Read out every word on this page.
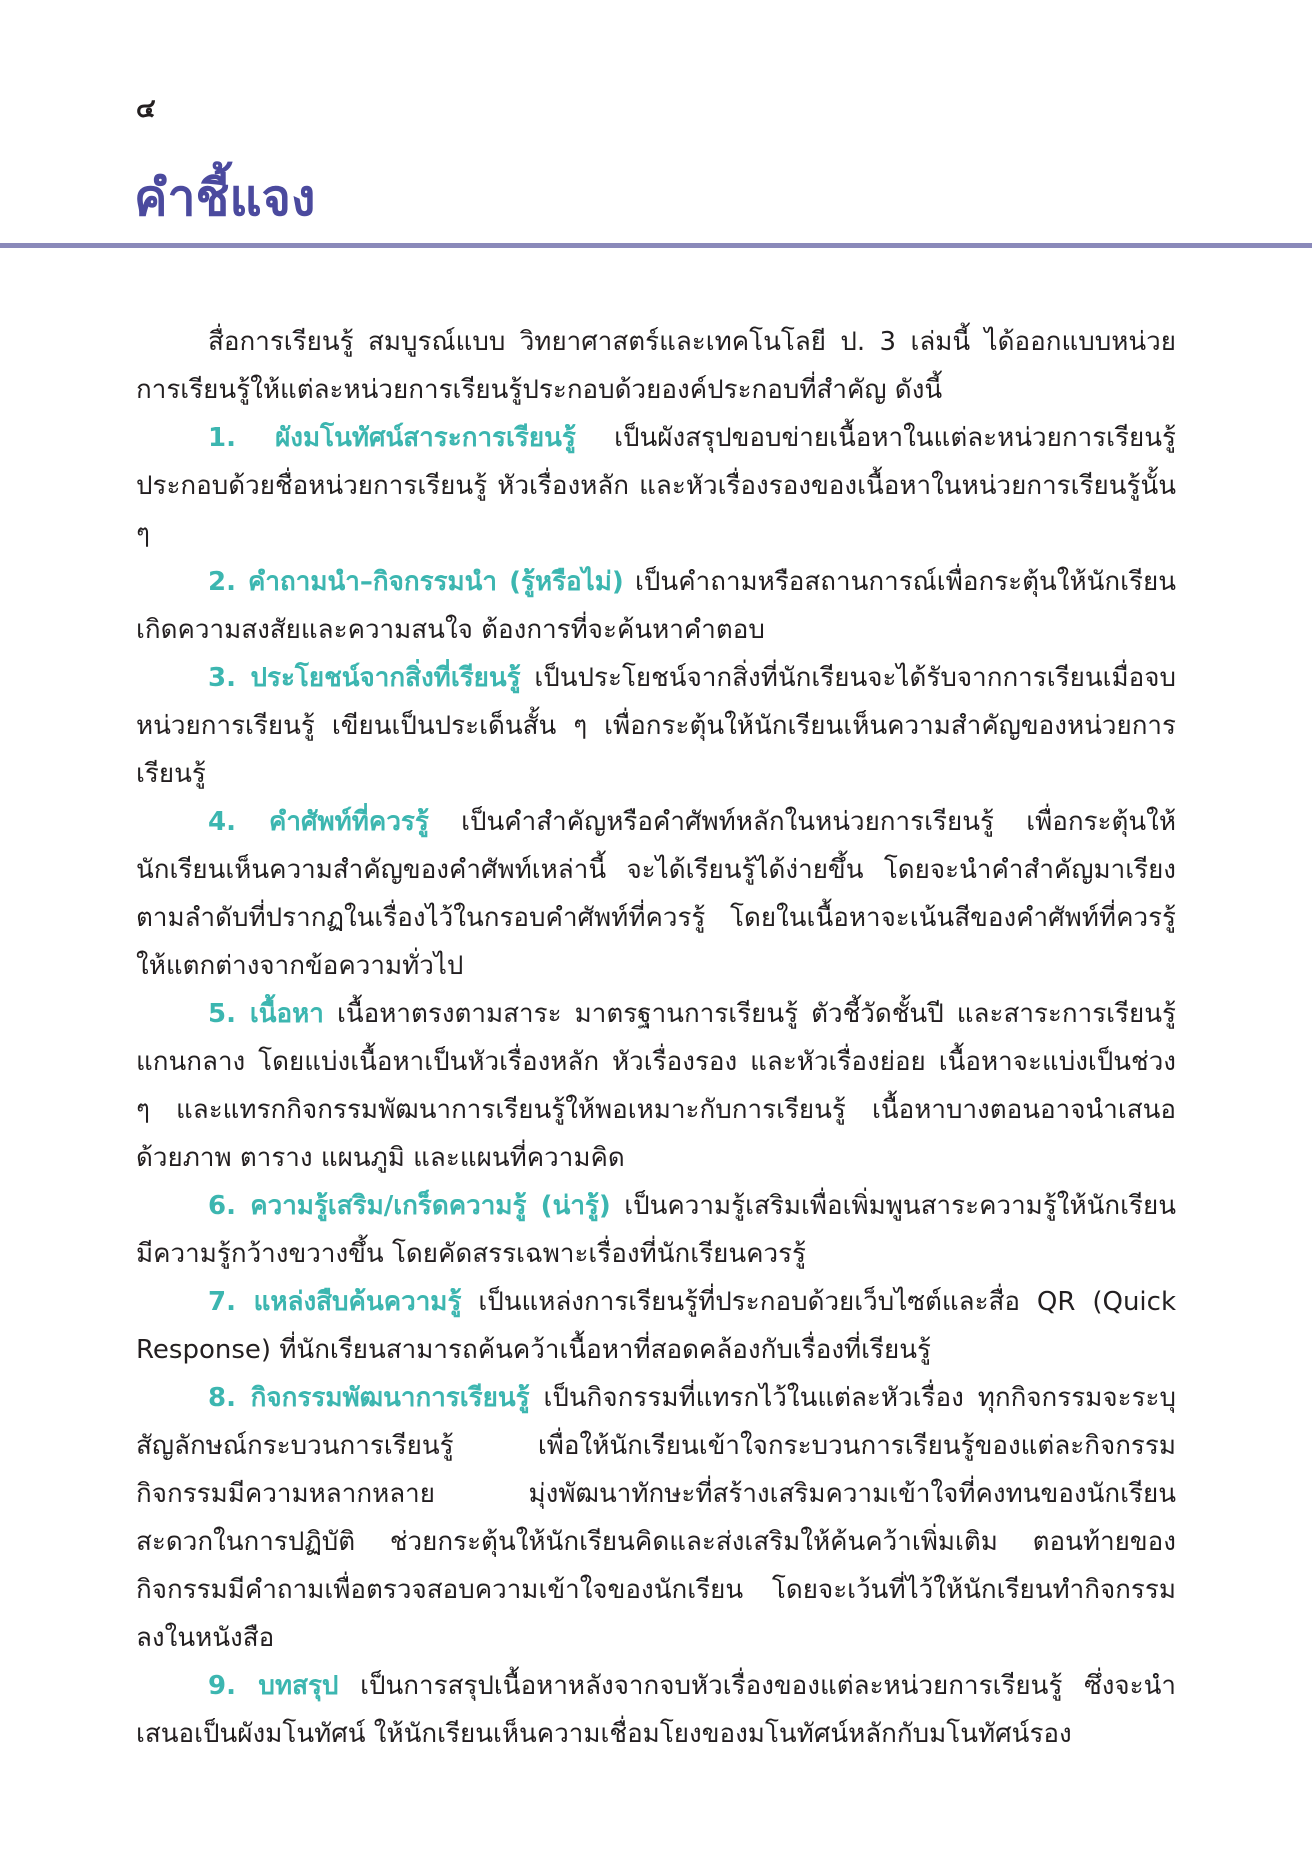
๔
คำชี้แจง

สื่อการเรียนรู้ สมบูรณ์แบบ วิทยาศาสตร์และเทคโนโลยี ป. 3 เล่มนี้ ได้ออกแบบหน่วยการเรียนรู้ให้แต่ละหน่วยการเรียนรู้ประกอบด้วยองค์ประกอบที่สำคัญ ดังนี้

1. ผังมโนทัศน์สาระการเรียนรู้ เป็นผังสรุปขอบข่ายเนื้อหาในแต่ละหน่วยการเรียนรู้ ประกอบด้วยชื่อหน่วยการเรียนรู้ หัวเรื่องหลัก และหัวเรื่องรองของเนื้อหาในหน่วยการเรียนรู้นั้น ๆ

2. คำถามนำ–กิจกรรมนำ (รู้หรือไม่) เป็นคำถามหรือสถานการณ์เพื่อกระตุ้นให้นักเรียนเกิดความสงสัยและความสนใจ ต้องการที่จะค้นหาคำตอบ

3. ประโยชน์จากสิ่งที่เรียนรู้ เป็นประโยชน์จากสิ่งที่นักเรียนจะได้รับจากการเรียนเมื่อจบหน่วยการเรียนรู้ เขียนเป็นประเด็นสั้น ๆ เพื่อกระตุ้นให้นักเรียนเห็นความสำคัญของหน่วยการเรียนรู้

4. คำศัพท์ที่ควรรู้ เป็นคำสำคัญหรือคำศัพท์หลักในหน่วยการเรียนรู้ เพื่อกระตุ้นให้นักเรียนเห็นความสำคัญของคำศัพท์เหล่านี้ จะได้เรียนรู้ได้ง่ายขึ้น โดยจะนำคำสำคัญมาเรียงตามลำดับที่ปรากฏในเรื่องไว้ในกรอบคำศัพท์ที่ควรรู้ โดยในเนื้อหาจะเน้นสีของคำศัพท์ที่ควรรู้ให้แตกต่างจากข้อความทั่วไป

5. เนื้อหา เนื้อหาตรงตามสาระ มาตรฐานการเรียนรู้ ตัวชี้วัดชั้นปี และสาระการเรียนรู้แกนกลาง โดยแบ่งเนื้อหาเป็นหัวเรื่องหลัก หัวเรื่องรอง และหัวเรื่องย่อย เนื้อหาจะแบ่งเป็นช่วง ๆ และแทรกกิจกรรมพัฒนาการเรียนรู้ให้พอเหมาะกับการเรียนรู้ เนื้อหาบางตอนอาจนำเสนอด้วยภาพ ตาราง แผนภูมิ และแผนที่ความคิด

6. ความรู้เสริม/เกร็ดความรู้ (น่ารู้) เป็นความรู้เสริมเพื่อเพิ่มพูนสาระความรู้ให้นักเรียนมีความรู้กว้างขวางขึ้น โดยคัดสรรเฉพาะเรื่องที่นักเรียนควรรู้

7. แหล่งสืบค้นความรู้ เป็นแหล่งการเรียนรู้ที่ประกอบด้วยเว็บไซต์และสื่อ QR (Quick Response) ที่นักเรียนสามารถค้นคว้าเนื้อหาที่สอดคล้องกับเรื่องที่เรียนรู้

8. กิจกรรมพัฒนาการเรียนรู้ เป็นกิจกรรมที่แทรกไว้ในแต่ละหัวเรื่อง ทุกกิจกรรมจะระบุสัญลักษณ์กระบวนการเรียนรู้ เพื่อให้นักเรียนเข้าใจกระบวนการเรียนรู้ของแต่ละกิจกรรม กิจกรรมมีความหลากหลาย มุ่งพัฒนาทักษะที่สร้างเสริมความเข้าใจที่คงทนของนักเรียน สะดวกในการปฏิบัติ ช่วยกระตุ้นให้นักเรียนคิดและส่งเสริมให้ค้นคว้าเพิ่มเติม ตอนท้ายของกิจกรรมมีคำถามเพื่อตรวจสอบความเข้าใจของนักเรียน โดยจะเว้นที่ไว้ให้นักเรียนทำกิจกรรมลงในหนังสือ

9. บทสรุป เป็นการสรุปเนื้อหาหลังจากจบหัวเรื่องของแต่ละหน่วยการเรียนรู้ ซึ่งจะนำเสนอเป็นผังมโนทัศน์ ให้นักเรียนเห็นความเชื่อมโยงของมโนทัศน์หลักกับมโนทัศน์รอง
